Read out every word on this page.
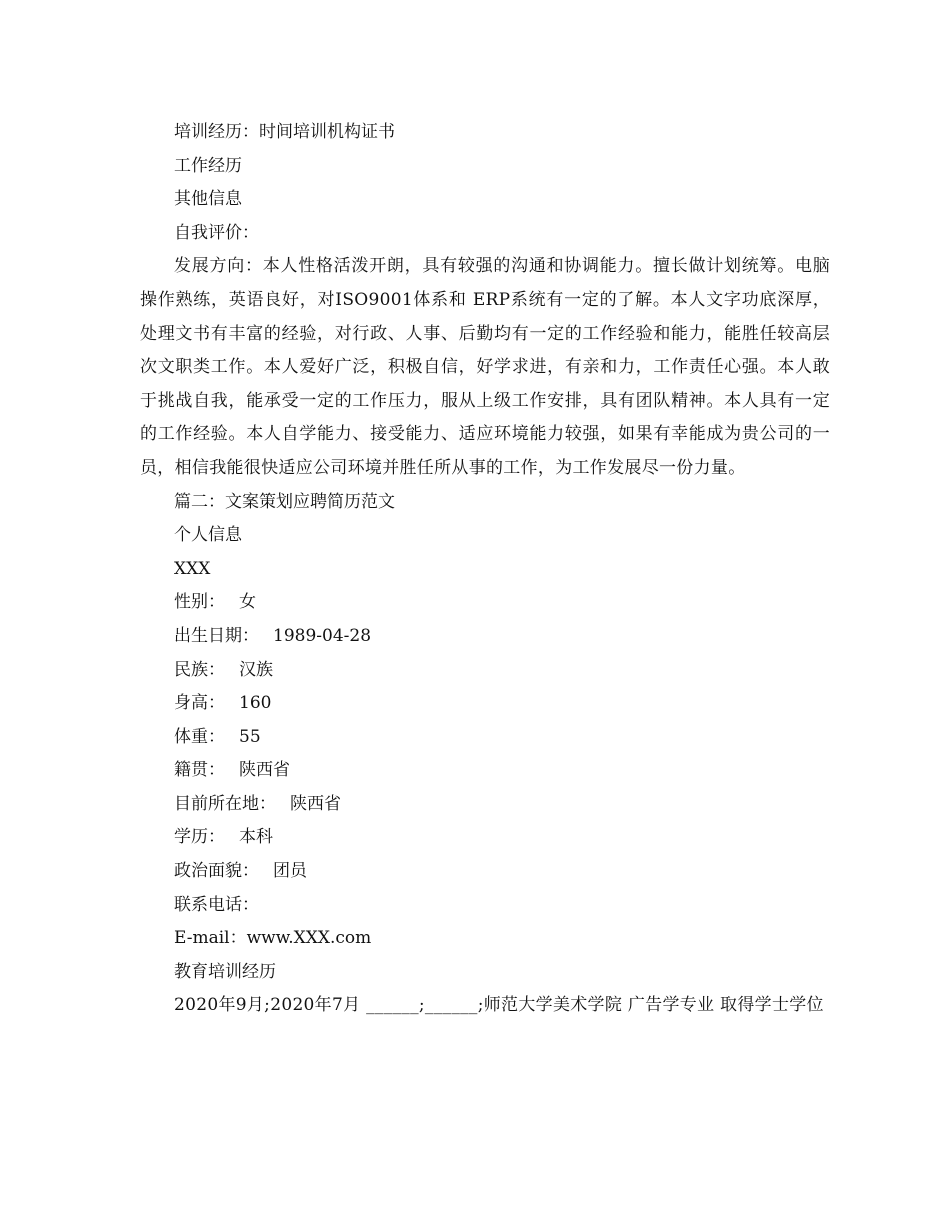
培训经历：时间培训机构证书

工作经历

其他信息

自我评价：

发展方向：本人性格活泼开朗，具有较强的沟通和协调能力。擅长做计划统筹。电脑操作熟练，英语良好，对ISO9001体系和 ERP系统有一定的了解。本人文字功底深厚，处理文书有丰富的经验，对行政、人事、后勤均有一定的工作经验和能力，能胜任较高层次文职类工作。本人爱好广泛，积极自信，好学求进，有亲和力，工作责任心强。本人敢于挑战自我，能承受一定的工作压力，服从上级工作安排，具有团队精神。本人具有一定的工作经验。本人自学能力、接受能力、适应环境能力较强，如果有幸能成为贵公司的一员，相信我能很快适应公司环境并胜任所从事的工作，为工作发展尽一份力量。

篇二：文案策划应聘简历范文

个人信息

XXX

性别： 女

出生日期： 1989-04-28

民族： 汉族

身高： 160

体重： 55

籍贯： 陕西省

目前所在地： 陕西省

学历： 本科

政治面貌： 团员

联系电话：

E-mail：www.XXX.com

教育培训经历

2020年9月;2020年7月 ______;______;师范大学美术学院 广告学专业 取得学士学位
